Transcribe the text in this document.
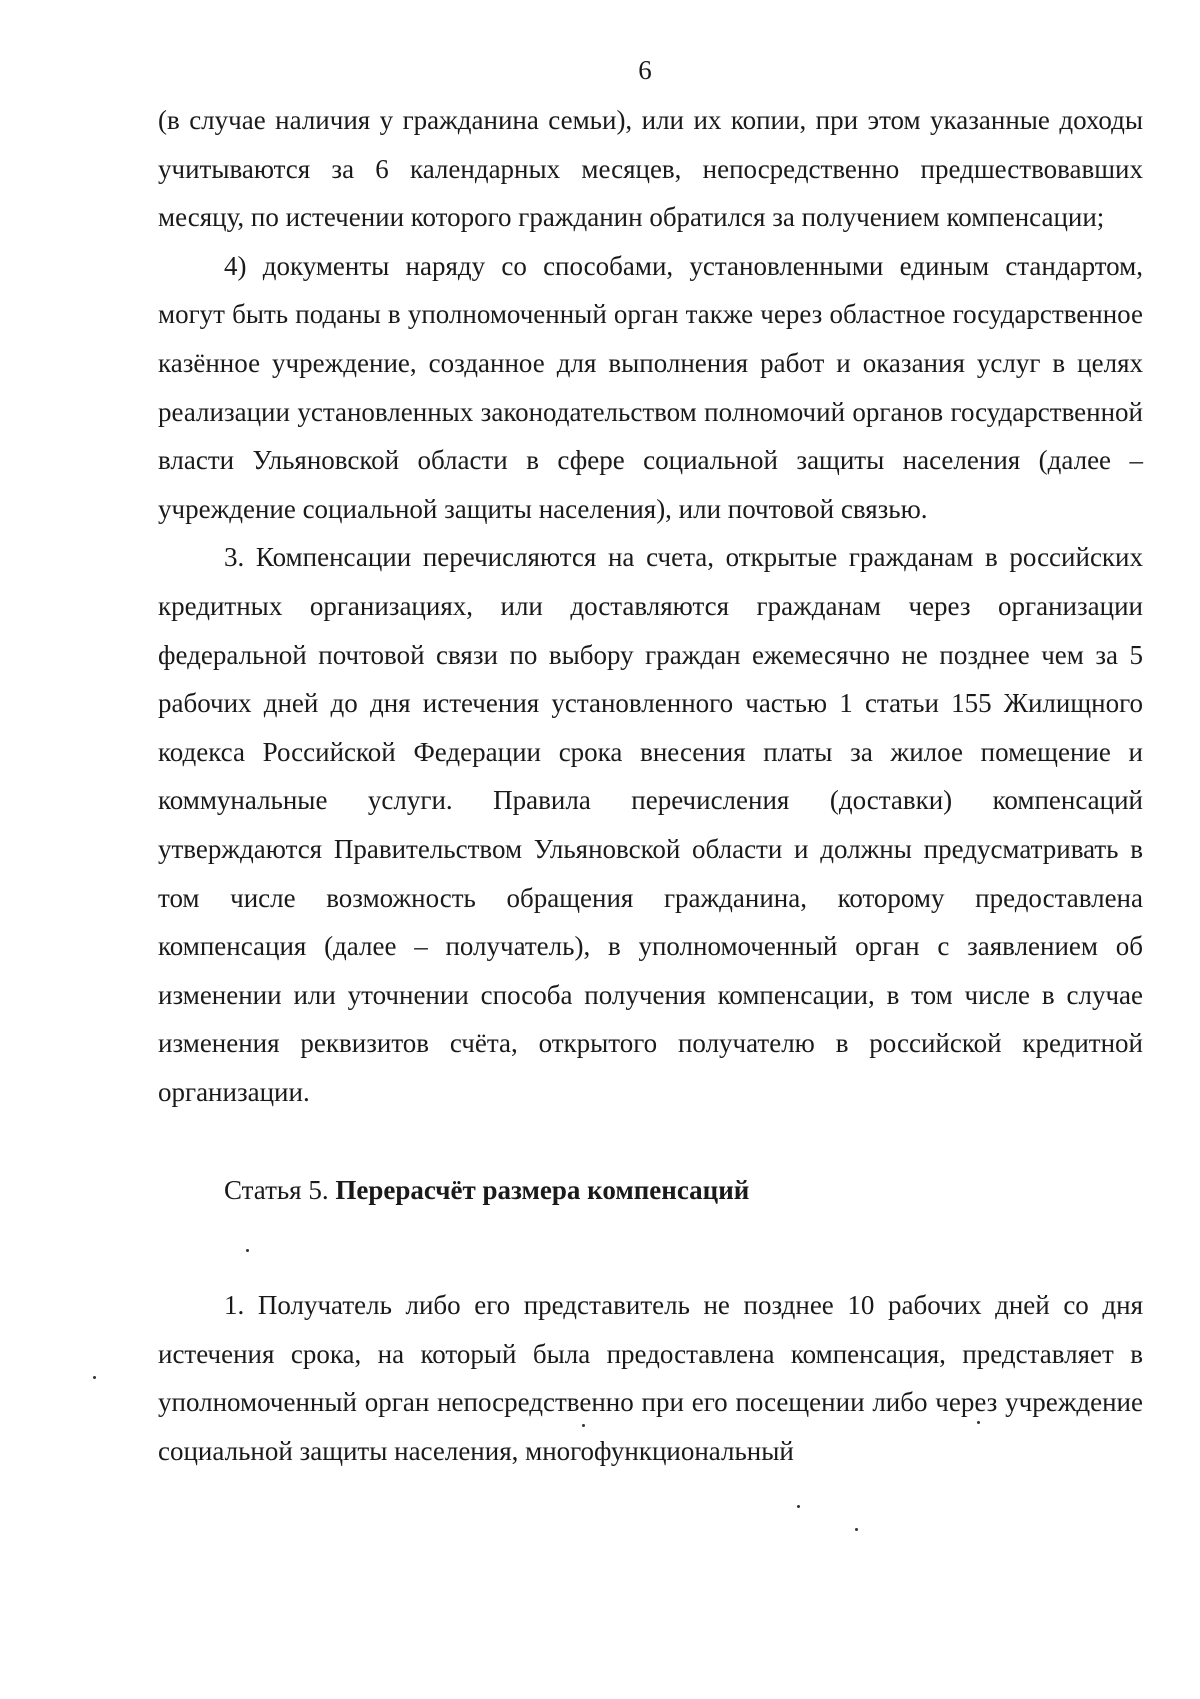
6

(в случае наличия у гражданина семьи), или их копии, при этом указанные доходы учитываются за 6 календарных месяцев, непосредственно предшествовавших месяцу, по истечении которого гражданин обратился за получением компенсации;

4) документы наряду со способами, установленными единым стандартом, могут быть поданы в уполномоченный орган также через областное государственное казённое учреждение, созданное для выполнения работ и оказания услуг в целях реализации установленных законодательством полномочий органов государственной власти Ульяновской области в сфере социальной защиты населения (далее – учреждение социальной защиты населения), или почтовой связью.

3. Компенсации перечисляются на счета, открытые гражданам в российских кредитных организациях, или доставляются гражданам через организации федеральной почтовой связи по выбору граждан ежемесячно не позднее чем за 5 рабочих дней до дня истечения установленного частью 1 статьи 155 Жилищного кодекса Российской Федерации срока внесения платы за жилое помещение и коммунальные услуги. Правила перечисления (доставки) компенсаций утверждаются Правительством Ульяновской области и должны предусматривать в том числе возможность обращения гражданина, которому предоставлена компенсация (далее – получатель), в уполномоченный орган с заявлением об изменении или уточнении способа получения компенсации, в том числе в случае изменения реквизитов счёта, открытого получателю в российской кредитной организации.

Статья 5. Перерасчёт размера компенсаций

1. Получатель либо его представитель не позднее 10 рабочих дней со дня истечения срока, на который была предоставлена компенсация, представляет в уполномоченный орган непосредственно при его посещении либо через учреждение социальной защиты населения, многофункциональный
